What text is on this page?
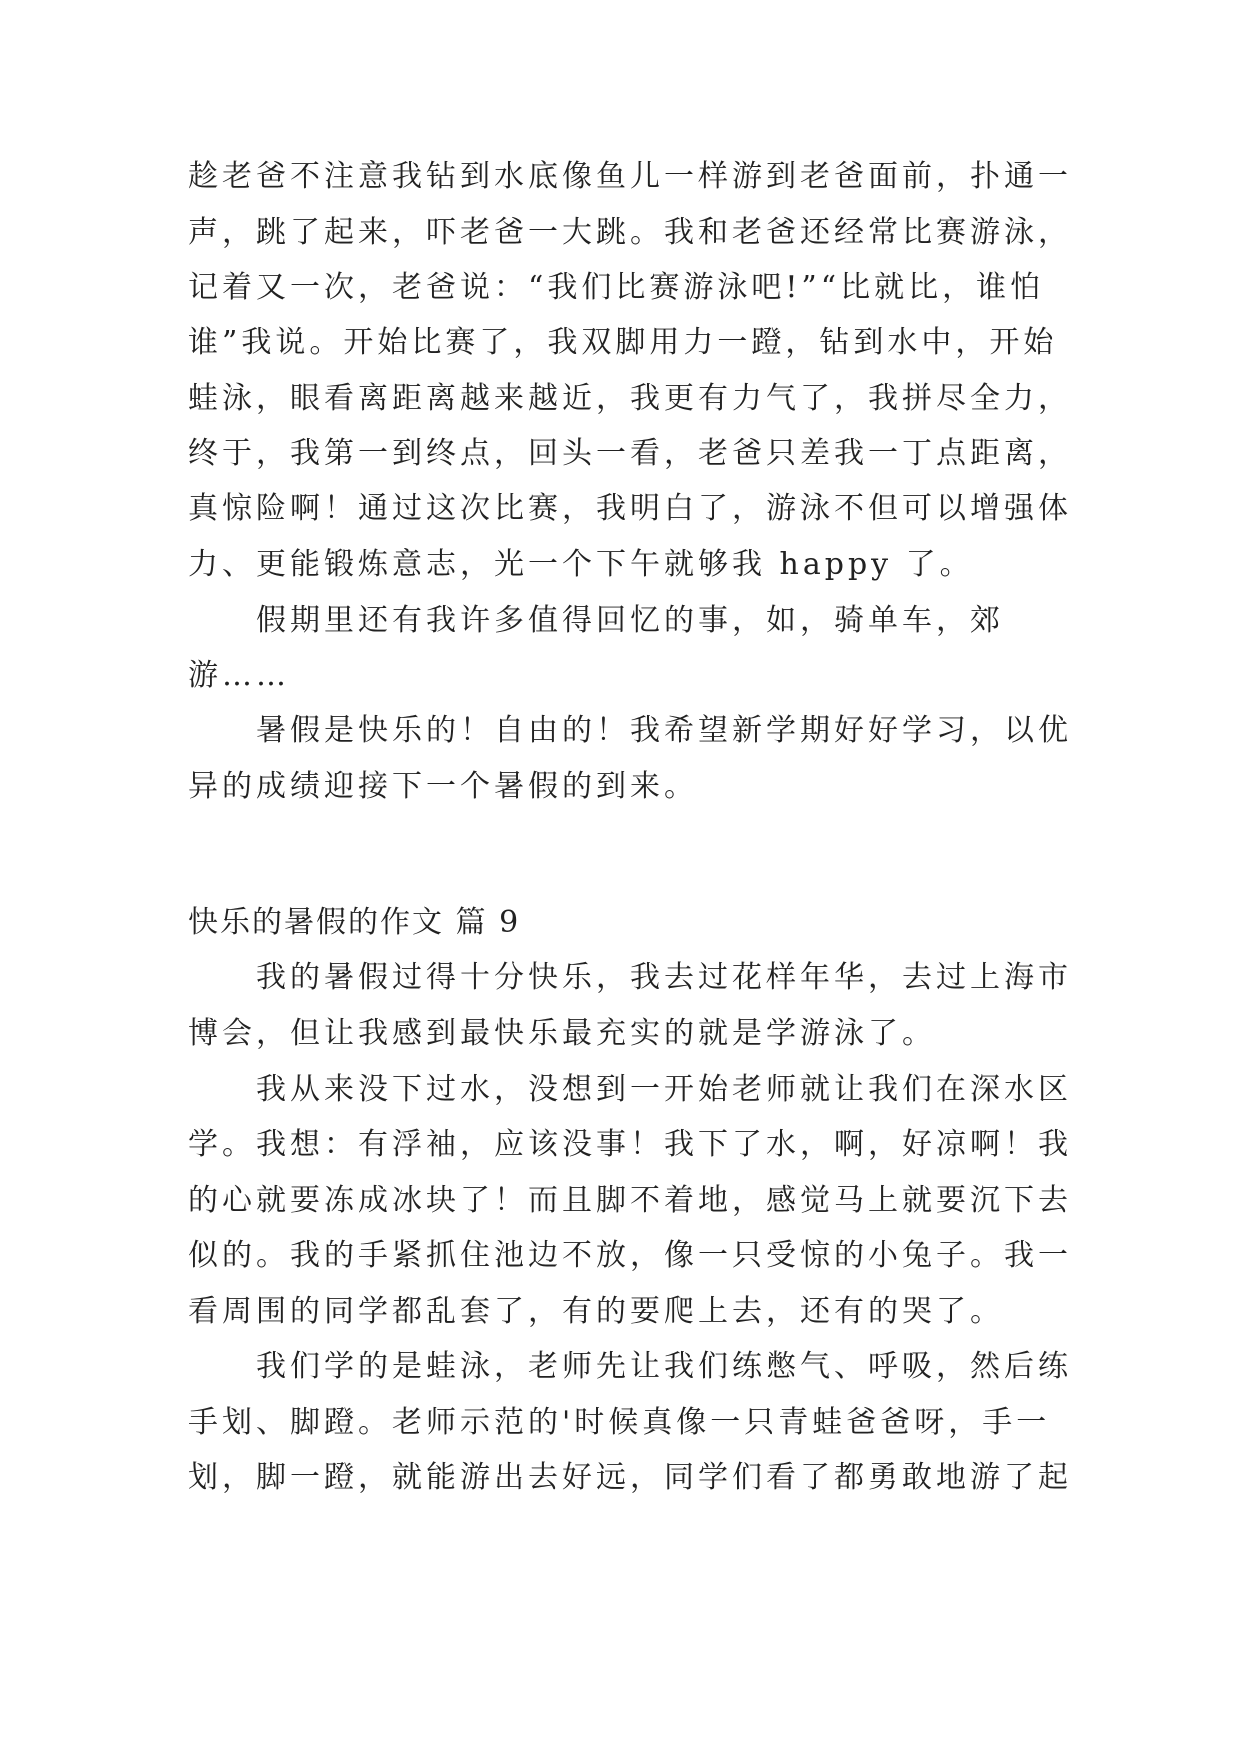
趁老爸不注意我钻到水底像鱼儿一样游到老爸面前，扑通一
声，跳了起来，吓老爸一大跳。我和老爸还经常比赛游泳，
记着又一次，老爸说：“我们比赛游泳吧!”“比就比，谁怕
谁”我说。开始比赛了，我双脚用力一蹬，钻到水中，开始
蛙泳，眼看离距离越来越近，我更有力气了，我拼尽全力，
终于，我第一到终点，回头一看，老爸只差我一丁点距离，
真惊险啊！通过这次比赛，我明白了，游泳不但可以增强体
力、更能锻炼意志，光一个下午就够我 happy 了。
假期里还有我许多值得回忆的事，如，骑单车，郊
游……
暑假是快乐的！自由的！我希望新学期好好学习，以优
异的成绩迎接下一个暑假的到来。
快乐的暑假的作文 篇 9
我的暑假过得十分快乐，我去过花样年华，去过上海市
博会，但让我感到最快乐最充实的就是学游泳了。
我从来没下过水，没想到一开始老师就让我们在深水区
学。我想：有浮袖，应该没事！我下了水，啊，好凉啊！我
的心就要冻成冰块了！而且脚不着地，感觉马上就要沉下去
似的。我的手紧抓住池边不放，像一只受惊的小兔子。我一
看周围的同学都乱套了，有的要爬上去，还有的哭了。
我们学的是蛙泳，老师先让我们练憋气、呼吸，然后练
手划、脚蹬。老师示范的'时候真像一只青蛙爸爸呀，手一
划，脚一蹬，就能游出去好远，同学们看了都勇敢地游了起
